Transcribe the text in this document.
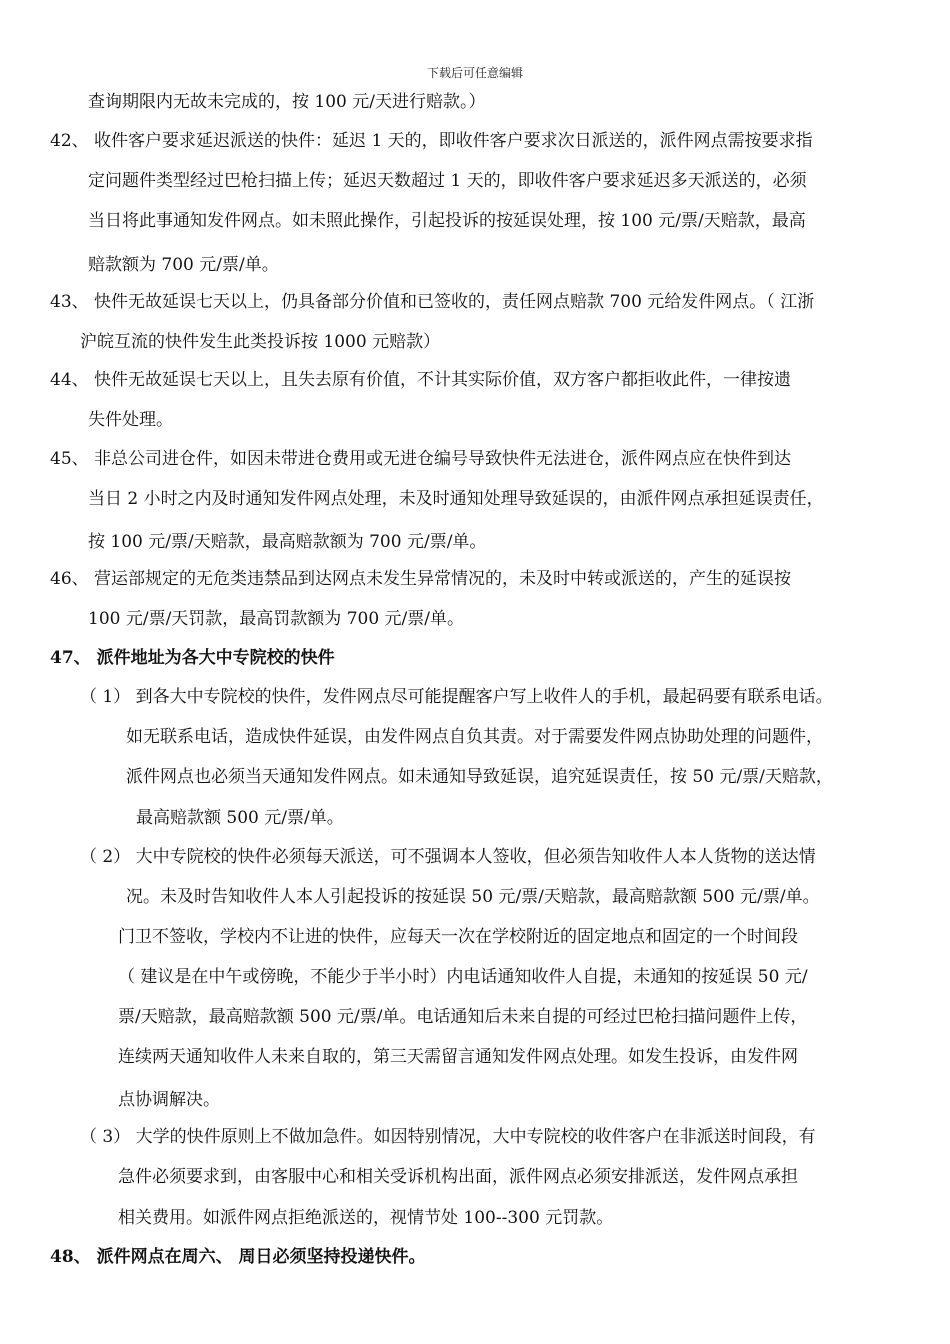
下载后可任意编辑
查询期限内无故未完成的，按 100 元/天进行赔款。）
42、 收件客户要求延迟派送的快件：延迟 1 天的，即收件客户要求次日派送的，派件网点需按要求指
定问题件类型经过巴枪扫描上传；延迟天数超过 1 天的，即收件客户要求延迟多天派送的，必须
当日将此事通知发件网点。如未照此操作，引起投诉的按延误处理，按 100 元/票/天赔款，最高
赔款额为 700 元/票/单。
43、 快件无故延误七天以上，仍具备部分价值和已签收的，责任网点赔款 700 元给发件网点。（ 江浙
沪皖互流的快件发生此类投诉按 1000 元赔款）
44、 快件无故延误七天以上，且失去原有价值，不计其实际价值，双方客户都拒收此件，一律按遗
失件处理。
45、 非总公司进仓件，如因未带进仓费用或无进仓编号导致快件无法进仓，派件网点应在快件到达
当日 2 小时之内及时通知发件网点处理，未及时通知处理导致延误的，由派件网点承担延误责任，
按 100 元/票/天赔款，最高赔款额为 700 元/票/单。
46、 营运部规定的无危类违禁品到达网点未发生异常情况的，未及时中转或派送的，产生的延误按
100 元/票/天罚款，最高罚款额为 700 元/票/单。
47、 派件地址为各大中专院校的快件
（ 1） 到各大中专院校的快件，发件网点尽可能提醒客户写上收件人的手机，最起码要有联系电话。
如无联系电话，造成快件延误，由发件网点自负其责。对于需要发件网点协助处理的问题件，
派件网点也必须当天通知发件网点。如未通知导致延误，追究延误责任，按 50 元/票/天赔款，
最高赔款额 500 元/票/单。
（ 2） 大中专院校的快件必须每天派送，可不强调本人签收，但必须告知收件人本人货物的送达情
况。未及时告知收件人本人引起投诉的按延误 50 元/票/天赔款，最高赔款额 500 元/票/单。
门卫不签收，学校内不让进的快件，应每天一次在学校附近的固定地点和固定的一个时间段
（ 建议是在中午或傍晚，不能少于半小时）内电话通知收件人自提，未通知的按延误 50 元/
票/天赔款，最高赔款额 500 元/票/单。电话通知后未来自提的可经过巴枪扫描问题件上传，
连续两天通知收件人未来自取的，第三天需留言通知发件网点处理。如发生投诉，由发件网
点协调解决。
（ 3） 大学的快件原则上不做加急件。如因特别情况，大中专院校的收件客户在非派送时间段，有
急件必须要求到，由客服中心和相关受诉机构出面，派件网点必须安排派送，发件网点承担
相关费用。如派件网点拒绝派送的，视情节处 100--300 元罚款。
48、 派件网点在周六、 周日必须坚持投递快件。
